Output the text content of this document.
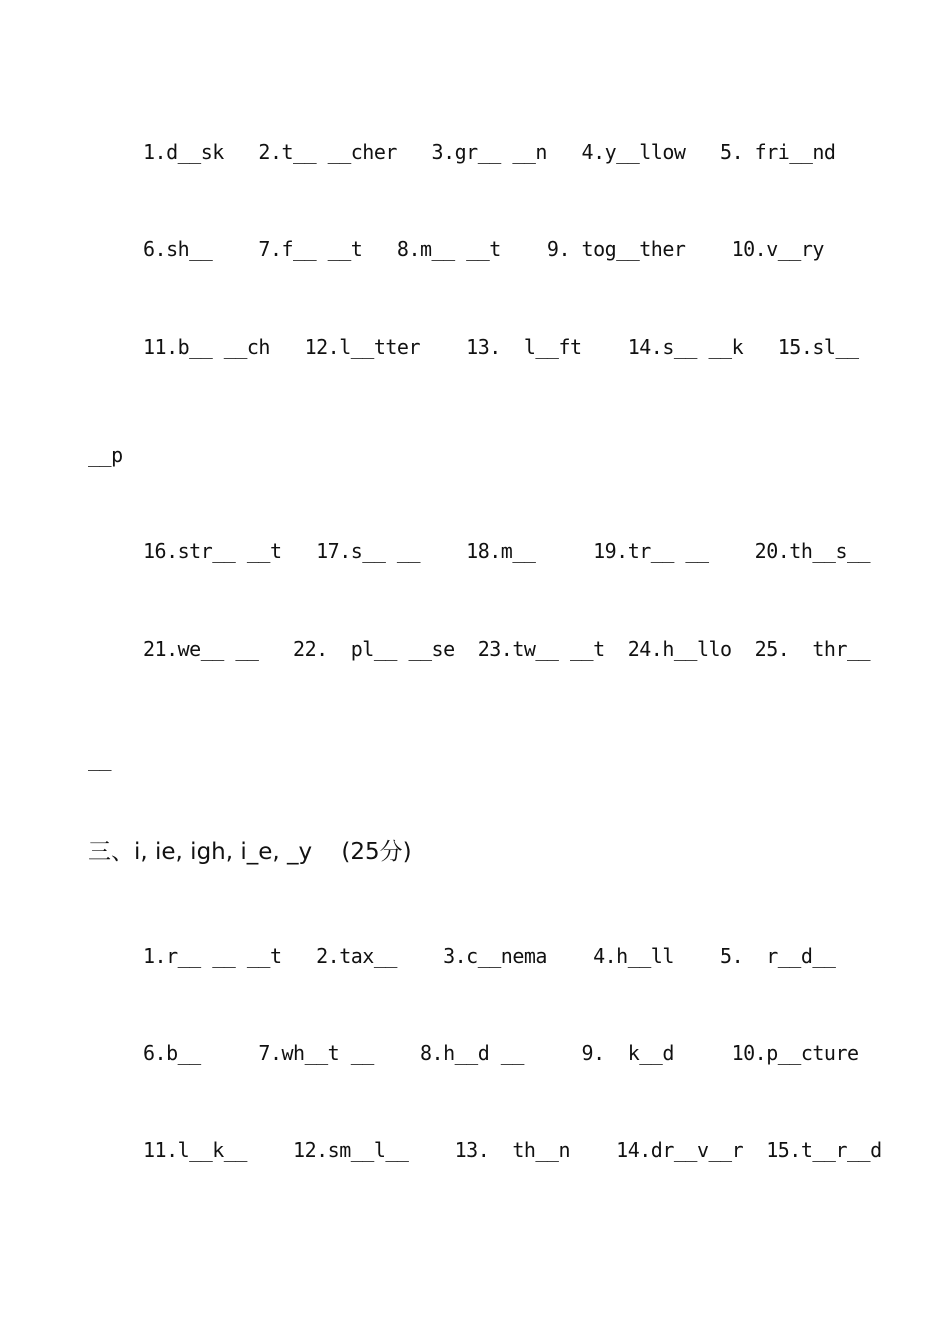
1.d__sk   2.t__ __cher   3.gr__ __n   4.y__llow   5. fri__nd
6.sh__    7.f__ __t   8.m__ __t    9. tog__ther    10.v__ry
11.b__ __ch   12.l__tter    13.  l__ft    14.s__ __k   15.sl__
__p
16.str__ __t   17.s__ __    18.m__     19.tr__ __    20.th__s__
21.we__ __   22.  pl__ __se  23.tw__ __t  24.h__llo  25.  thr__
__
三、i, ie, igh, i_e, _y    (25分)
1.r__ __ __t   2.tax__    3.c__nema    4.h__ll    5.  r__d__
6.b__     7.wh__t __    8.h__d __     9.  k__d     10.p__cture
11.l__k__    12.sm__l__    13.  th__n    14.dr__v__r  15.t__r__d
